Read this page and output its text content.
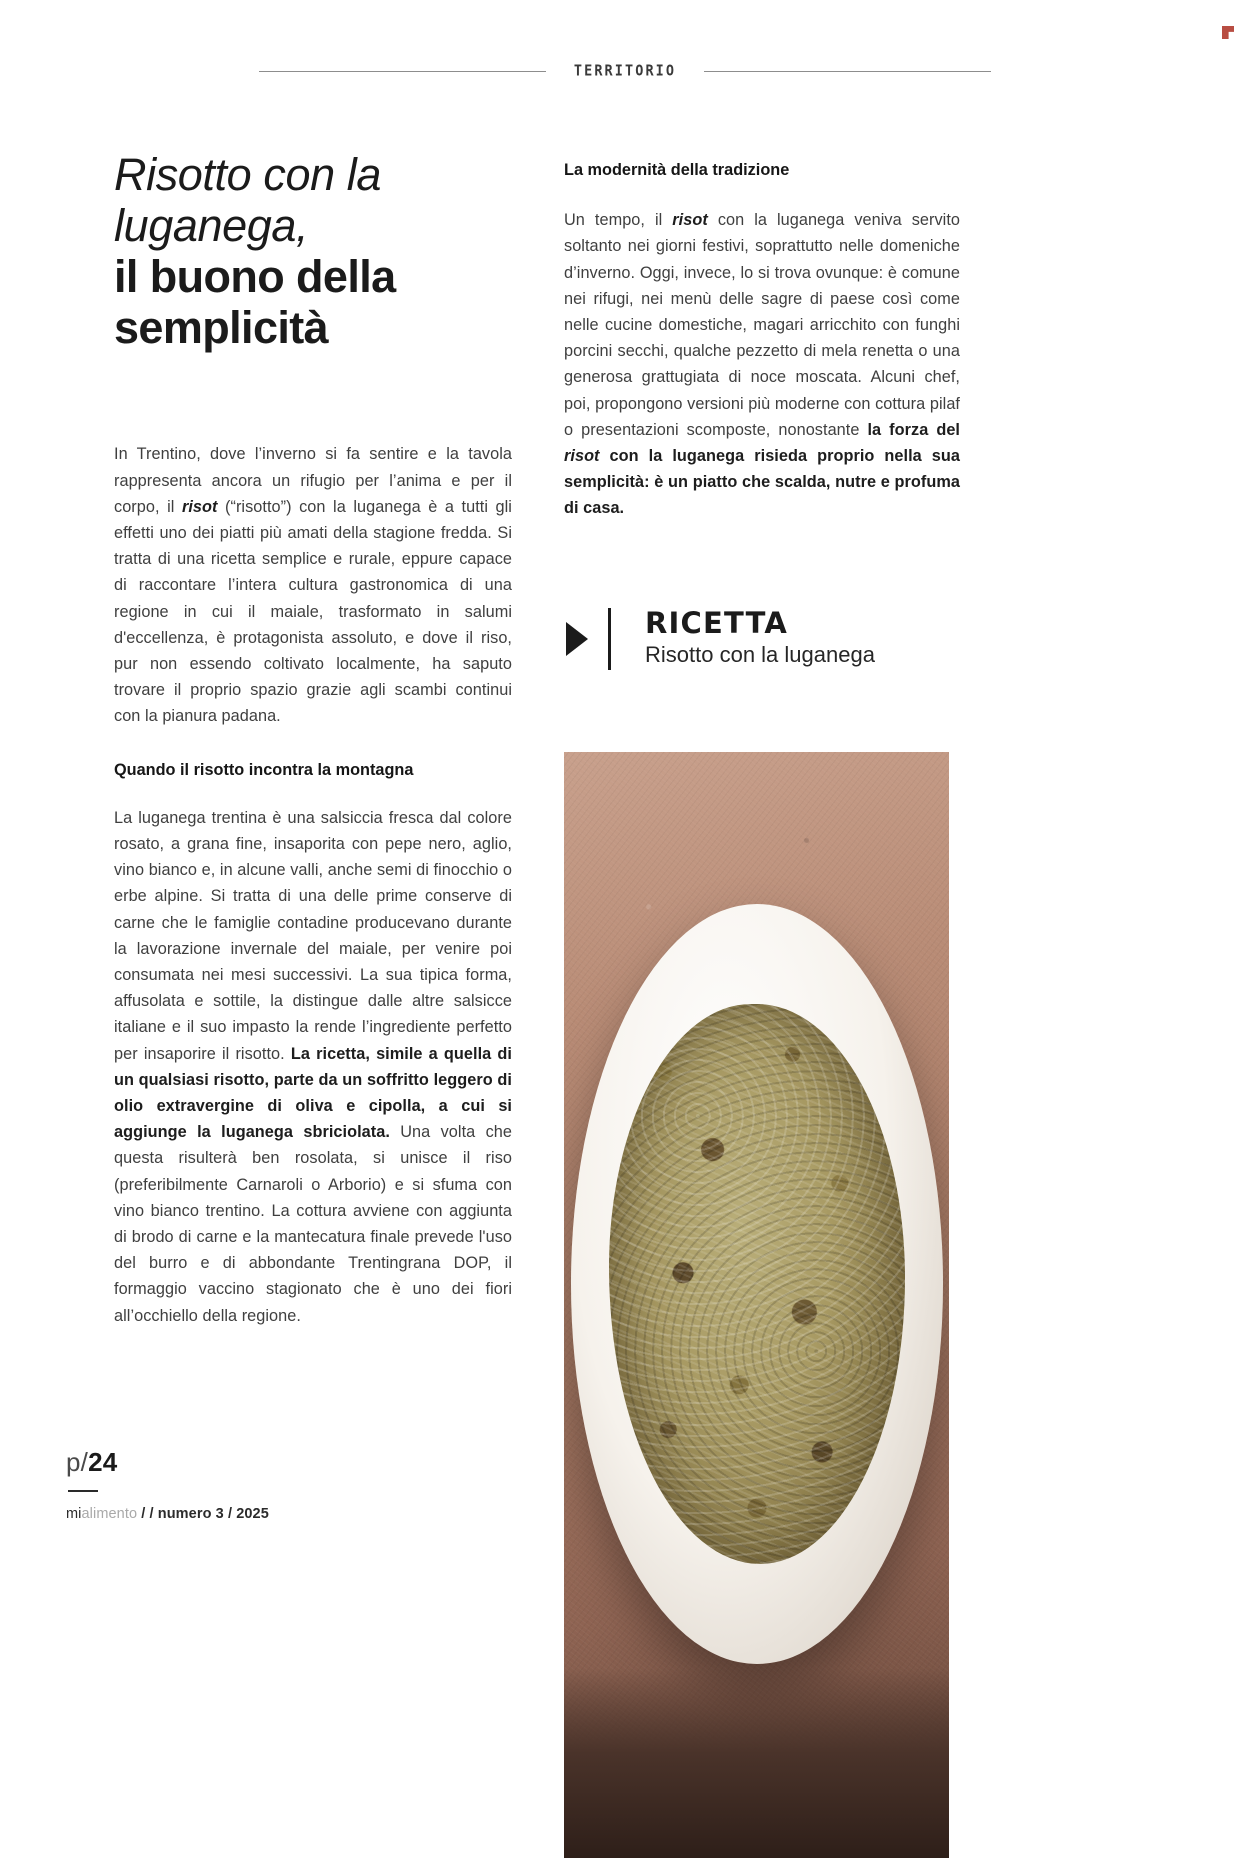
TERRITORIO
Risotto con la luganega,
il buono della semplicità

In Trentino, dove l’inverno si fa sentire e la tavola rappresenta ancora un rifugio per l’anima e per il corpo, il risot (“risotto”) con la luganega è a tutti gli effetti uno dei piatti più amati della stagione fredda. Si tratta di una ricetta semplice e rurale, eppure capace di raccontare l’intera cultura gastronomica di una regione in cui il maiale, trasformato in salumi d'eccellenza, è protagonista assoluto, e dove il riso, pur non essendo coltivato localmente, ha saputo trovare il proprio spazio grazie agli scambi continui con la pianura padana.

Quando il risotto incontra la montagna

La luganega trentina è una salsiccia fresca dal colore rosato, a grana fine, insaporita con pepe nero, aglio, vino bianco e, in alcune valli, anche semi di finocchio o erbe alpine. Si tratta di una delle prime conserve di carne che le famiglie contadine producevano durante la lavorazione invernale del maiale, per venire poi consumata nei mesi successivi. La sua tipica forma, affusolata e sottile, la distingue dalle altre salsicce italiane e il suo impasto la rende l’ingrediente perfetto per insaporire il risotto. La ricetta, simile a quella di un qualsiasi risotto, parte da un soffritto leggero di olio extravergine di oliva e cipolla, a cui si aggiunge la luganega sbriciolata. Una volta che questa risulterà ben rosolata, si unisce il riso (preferibilmente Carnaroli o Arborio) e si sfuma con vino bianco trentino. La cottura avviene con aggiunta di brodo di carne e la mantecatura finale prevede l'uso del burro e di abbondante Trentingrana DOP, il formaggio vaccino stagionato che è uno dei fiori all’occhiello della regione.

La modernità della tradizione

Un tempo, il risot con la luganega veniva servito soltanto nei giorni festivi, soprattutto nelle domeniche d’inverno. Oggi, invece, lo si trova ovunque: è comune nei rifugi, nei menù delle sagre di paese così come nelle cucine domestiche, magari arricchito con funghi porcini secchi, qualche pezzetto di mela renetta o una generosa grattugiata di noce moscata. Alcuni chef, poi, propongono versioni più moderne con cottura pilaf o presentazioni scomposte, nonostante la forza del risot con la luganega risieda proprio nella sua semplicità: è un piatto che scalda, nutre e profuma di casa.

RICETTA
Risotto con la luganega
p/24
mialimento / / numero 3 / 2025
